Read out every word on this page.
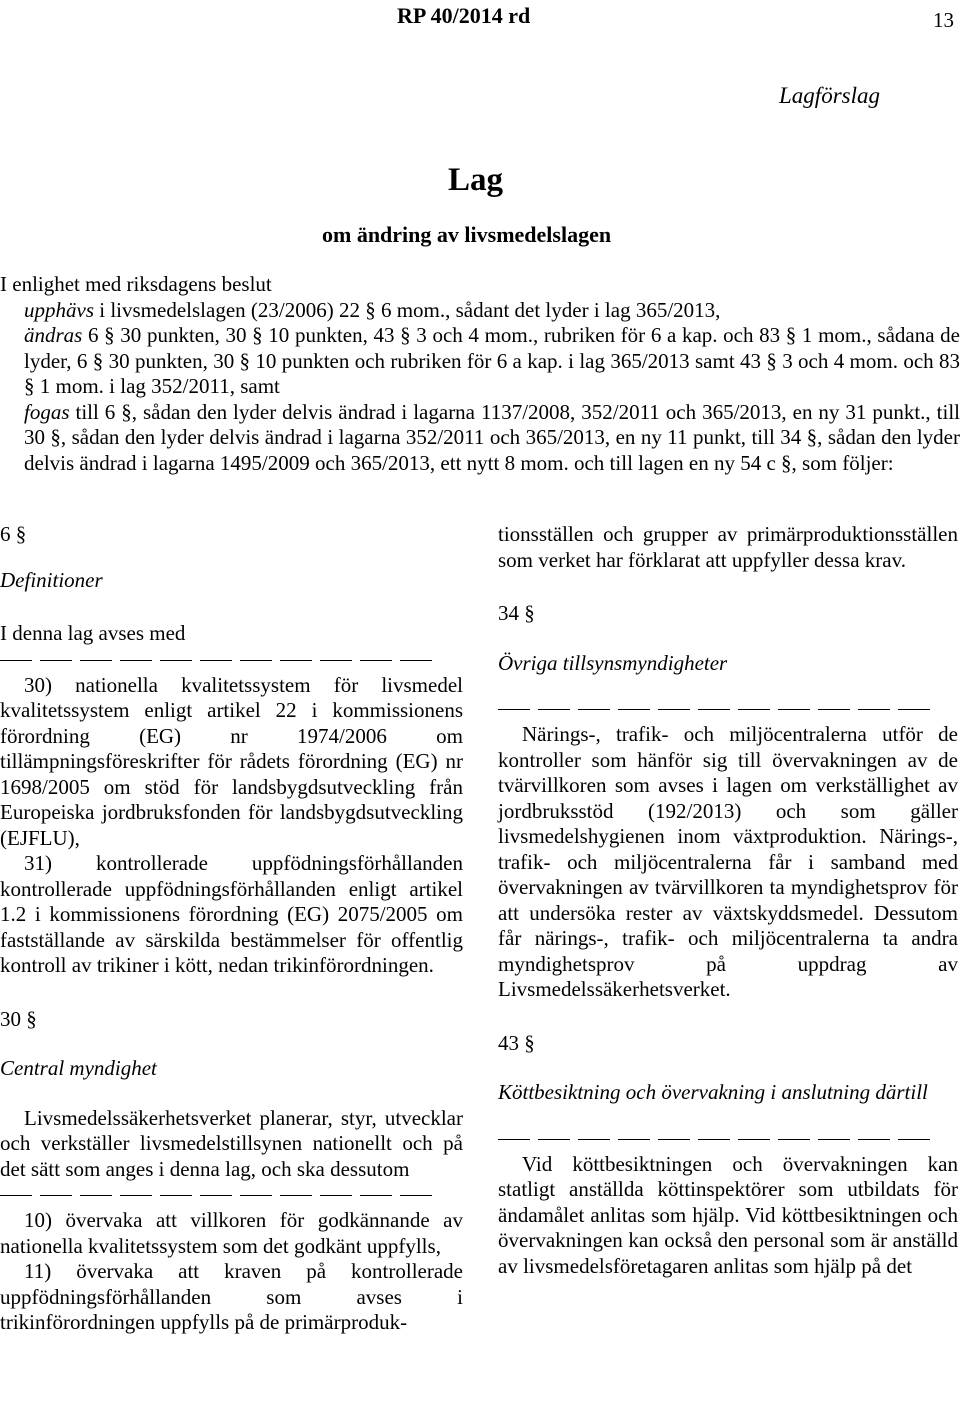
RP 40/2014 rd	13
Lagförslag
Lag
om ändring av livsmedelslagen

I enlighet med riksdagens beslut

upphävs i livsmedelslagen (23/2006) 22 § 6 mom., sådant det lyder i lag 365/2013,

ändras 6 § 30 punkten, 30 § 10 punkten, 43 § 3 och 4 mom., rubriken för 6 a kap. och 83 § 1 mom., sådana de lyder, 6 § 30 punkten, 30 § 10 punkten och rubriken för 6 a kap. i lag 365/2013 samt 43 § 3 och 4 mom. och 83 § 1 mom. i lag 352/2011, samt

fogas till 6 §, sådan den lyder delvis ändrad i lagarna 1137/2008, 352/2011 och 365/2013, en ny 31 punkt., till 30 §, sådan den lyder delvis ändrad i lagarna 352/2011 och 365/2013, en ny 11 punkt, till 34 §, sådan den lyder delvis ändrad i lagarna 1495/2009 och 365/2013, ett nytt 8 mom. och till lagen en ny 54 c §, som följer:

6 §

Definitioner

I denna lag avses med

30) nationella kvalitetssystem för livsmedel kvalitetssystem enligt artikel 22 i kommissionens förordning (EG) nr 1974/2006 om tillämpningsföreskrifter för rådets förordning (EG) nr 1698/2005 om stöd för landsbygdsutveckling från Europeiska jordbruksfonden för landsbygdsutveckling (EJFLU),

31) kontrollerade uppfödningsförhållanden kontrollerade uppfödningsförhållanden enligt artikel 1.2 i kommissionens förordning (EG) 2075/2005 om fastställande av särskilda bestämmelser för offentlig kontroll av trikiner i kött, nedan trikinförordningen.

30 §

Central myndighet

Livsmedelssäkerhetsverket planerar, styr, utvecklar och verkställer livsmedelstillsynen nationellt och på det sätt som anges i denna lag, och ska dessutom

10) övervaka att villkoren för godkännande av nationella kvalitetssystem som det godkänt uppfylls,

11) övervaka att kraven på kontrollerade uppfödningsförhållanden som avses i trikinförordningen uppfylls på de primärproduk-

tionsställen och grupper av primärproduktionsställen som verket har förklarat att uppfyller dessa krav.

34 §

Övriga tillsynsmyndigheter

Närings-, trafik- och miljöcentralerna utför de kontroller som hänför sig till övervakningen av de tvärvillkoren som avses i lagen om verkställighet av jordbruksstöd (192/2013) och som gäller livsmedelshygienen inom växtproduktion. Närings-, trafik- och miljöcentralerna får i samband med övervakningen av tvärvillkoren ta myndighetsprov för att undersöka rester av växtskyddsmedel. Dessutom får närings-, trafik- och miljöcentralerna ta andra myndighetsprov på uppdrag av Livsmedelssäkerhetsverket.

43 §

Köttbesiktning och övervakning i anslutning därtill

Vid köttbesiktningen och övervakningen kan statligt anställda köttinspektörer som utbildats för ändamålet anlitas som hjälp. Vid köttbesiktningen och övervakningen kan också den personal som är anställd av livsmedelsföretagaren anlitas som hjälp på det
